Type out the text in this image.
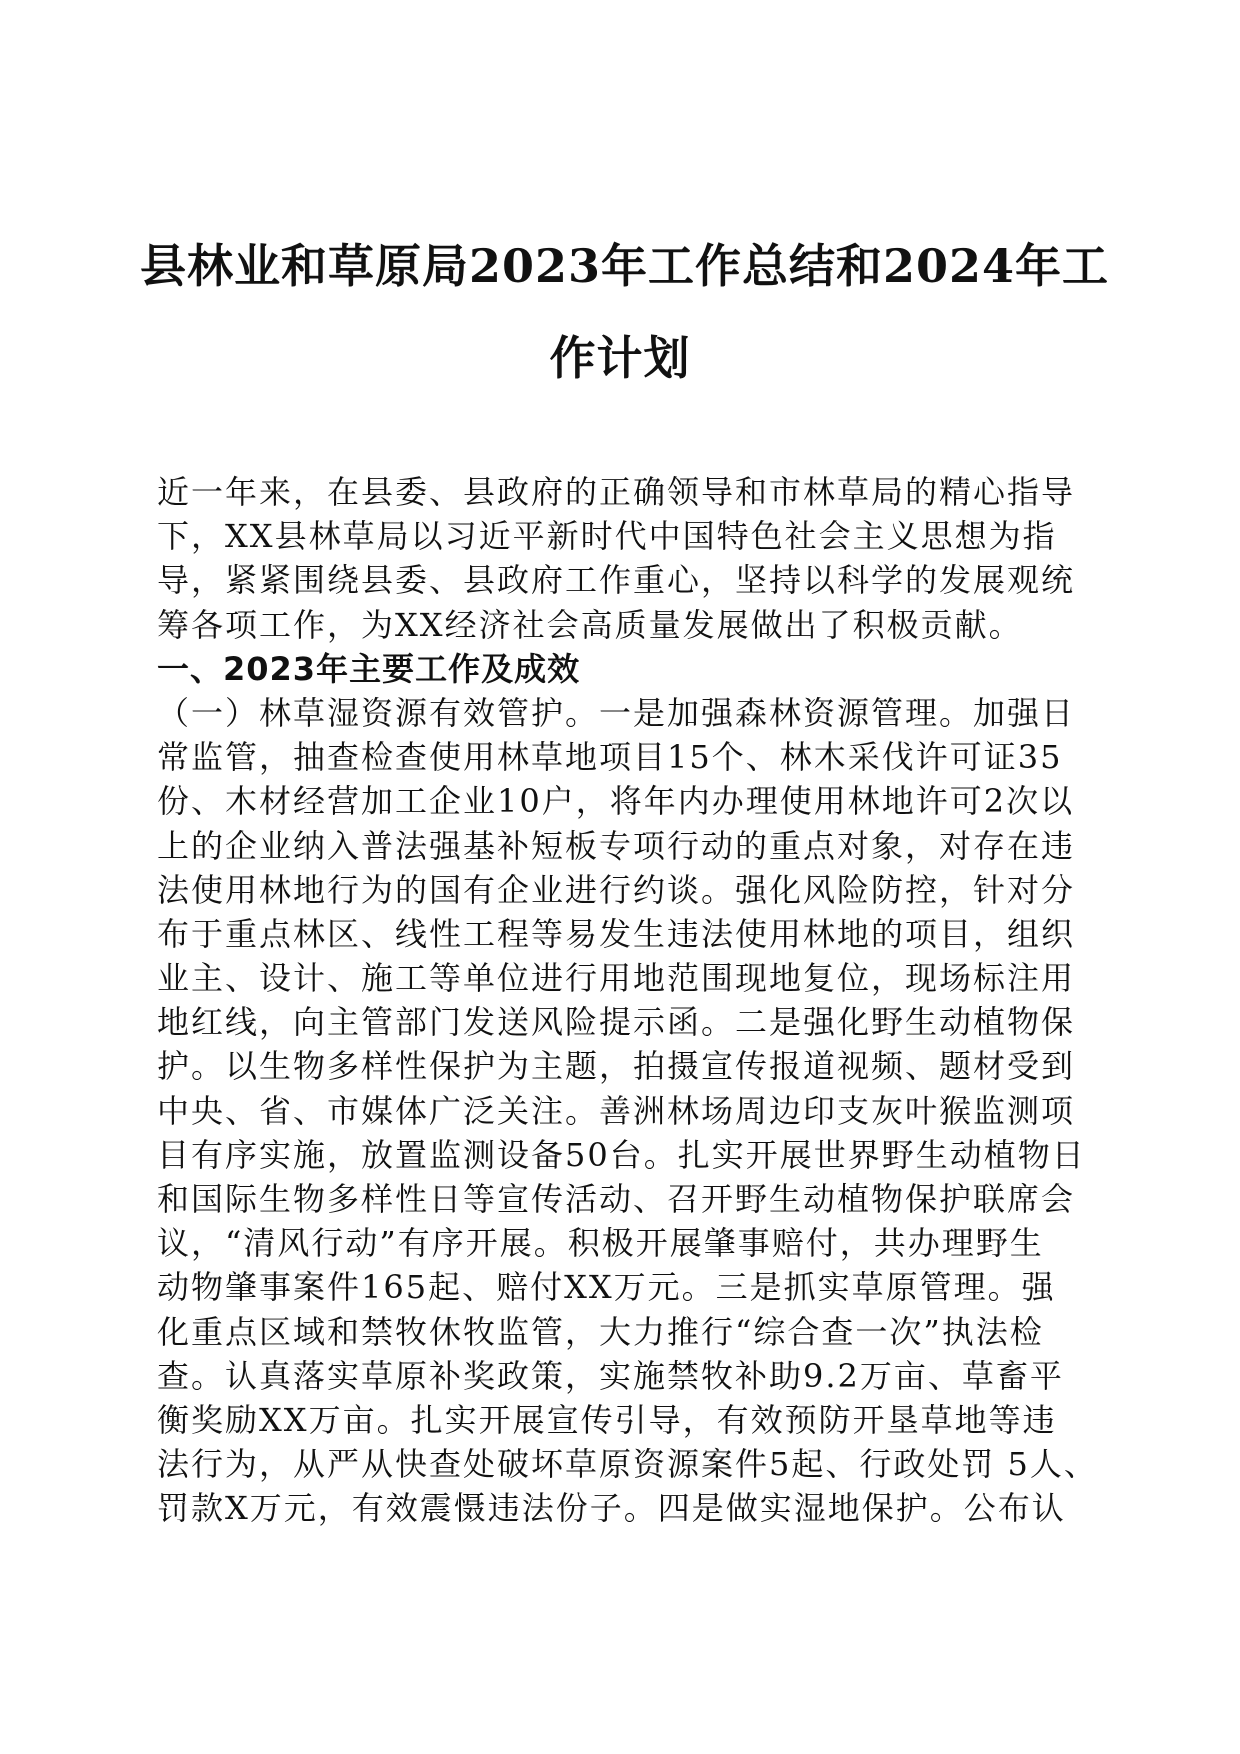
县林业和草原局2023年工作总结和2024年工
作计划
近一年来，在县委、县政府的正确领导和市林草局的精心指导
下，XX县林草局以习近平新时代中国特色社会主义思想为指
导，紧紧围绕县委、县政府工作重心，坚持以科学的发展观统
筹各项工作，为XX经济社会高质量发展做出了积极贡献。
一、2023年主要工作及成效
（一）林草湿资源有效管护。一是加强森林资源管理。加强日
常监管，抽查检查使用林草地项目15个、林木采伐许可证35
份、木材经营加工企业10户，将年内办理使用林地许可2次以
上的企业纳入普法强基补短板专项行动的重点对象，对存在违
法使用林地行为的国有企业进行约谈。强化风险防控，针对分
布于重点林区、线性工程等易发生违法使用林地的项目，组织
业主、设计、施工等单位进行用地范围现地复位，现场标注用
地红线，向主管部门发送风险提示函。二是强化野生动植物保
护。以生物多样性保护为主题，拍摄宣传报道视频、题材受到
中央、省、市媒体广泛关注。善洲林场周边印支灰叶猴监测项
目有序实施，放置监测设备50台。扎实开展世界野生动植物日
和国际生物多样性日等宣传活动、召开野生动植物保护联席会
议，“清风行动”有序开展。积极开展肇事赔付，共办理野生
动物肇事案件165起、赔付XX万元。三是抓实草原管理。强
化重点区域和禁牧休牧监管，大力推行“综合查一次”执法检
查。认真落实草原补奖政策，实施禁牧补助9.2万亩、草畜平
衡奖励XX万亩。扎实开展宣传引导，有效预防开垦草地等违
法行为，从严从快查处破坏草原资源案件5起、行政处罚 5人、
罚款X万元，有效震慑违法份子。四是做实湿地保护。公布认
